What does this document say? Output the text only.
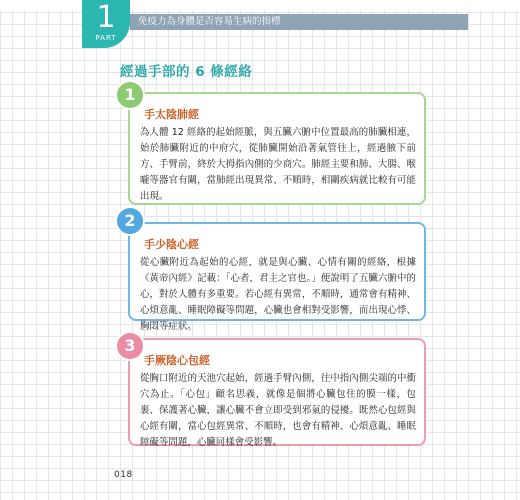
1
PART
免疫力為身體是否容易生病的指標
經過手部的 6 條經絡
手太陰肺經
為人體 12 經絡的起始經脈，與五臟六腑中位置最高的肺臟相連，始於肺臟附近的中府穴，從肺臟開始沿著氣管往上，經過腋下前方、手臂前，終於大拇指內側的少商穴。肺經主要和肺、大腸、喉嚨等器官有關，當肺經出現異常、不順時，相關疾病就比較有可能出現。
1
手少陰心經
從心臟附近為起始的心經，就是與心臟、心情有關的經絡，根據《黃帝內經》記載：「心者，君主之官也。」便說明了五臟六腑中的心，對於人體有多重要。若心經有異常，不順時，通常會有精神、心煩意亂、睡眠障礙等問題，心臟也會相對受影響，而出現心悸、胸悶等症狀。
2
手厥陰心包經
從胸口附近的天池穴起始，經過手臂內側，往中指內側尖端的中衝穴為止。「心包」顧名思義，就像是個將心臟包住的膜一樣，包裹、保護著心臟，讓心臟不會立即受到邪氣的侵擾。既然心包經與心經有關，當心包經異常、不順時，也會有精神、心煩意亂、睡眠障礙等問題，心臟同樣會受影響。
3
018
